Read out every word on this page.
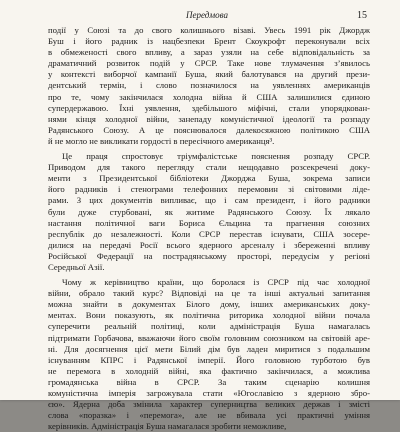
Передмова	15
події у Союзі та до свого колишнього візаві. Увесь 1991 рік Джордж
Буш і його радник із нацбезпеки Брент Скоукрофт переконували всіх
в обмеженості свого впливу, а зараз узяли на себе відповідальність за
драматичний розвиток подій у СРСР. Таке нове тлумачення з’явилось
у контексті виборчої кампанії Буша, який балотувався на другий прези-
дентський термін, і слово позначилося на уявленнях американців
про те, чому закінчилася холодна війна й США залишилися єдиною
супердержавою. Їхні уявлення, здебільшого міфічні, стали упорядкован-
нями кінця холодної війни, занепаду комуністичної ідеології та розпаду
Радянського Союзу. А це пояснювалося далекосяжною політикою США
й не могло не викликати гордості в пересічного американця³.
Це праця спростовує тріумфалістське пояснення розпаду СРСР.
Приводом для такого перегляду стали нещодавно розсекречені доку-
менти з Президентської бібліотеки Джорджа Буша, зокрема записи
його радників і стенограми телефонних перемовин зі світовими ліде-
рами. З цих документів випливає, що і сам президент, і його радники
були дуже стурбовані, як житиме Радянського Союзу. Їх лякало
настання політичної ваги Бориса Єльцина та прагнення союзних
республік до незалежності. Коли СРСР перестав існувати, США зосере-
дилися на передачі Росії всього ядерного арсеналу і збереженні впливу
Російської Федерації на пострадянському просторі, передусім у регіоні
Середньої Азії.
Чому ж керівництво країни, що боролася із СРСР під час холодної
війни, обрало такий курс? Відповіді на це та інші актуальні запитання
можна знайти в документах Білого дому, інших американських доку-
ментах. Вони показують, як політична риторика холодної війни почала
суперечити реальній політиці, коли адміністрація Буша намагалась
підтримати Горбачова, вважаючи його своїм головним союзником на світовій аре-
ні. Для досягнення цієї мети Білий дім був ладен миритися з подальшим
існуванням КПРС і Радянської імперії. Його головною турботою був
не перемога в холодній війні, яка фактично закінчилася, а можлива
громадянська війна в СРСР. За таким сценарію колишня
комуністична імперія загрожувала стати «Югославією з ядерною збро-
єю». Ядерна доба змінила характер суперництва великих держав і змісті
слова «поразка» і «перемога», але не вбивала усі практичні уміння
керівників. Адміністрація Буша намагалася зробити неможливе,
